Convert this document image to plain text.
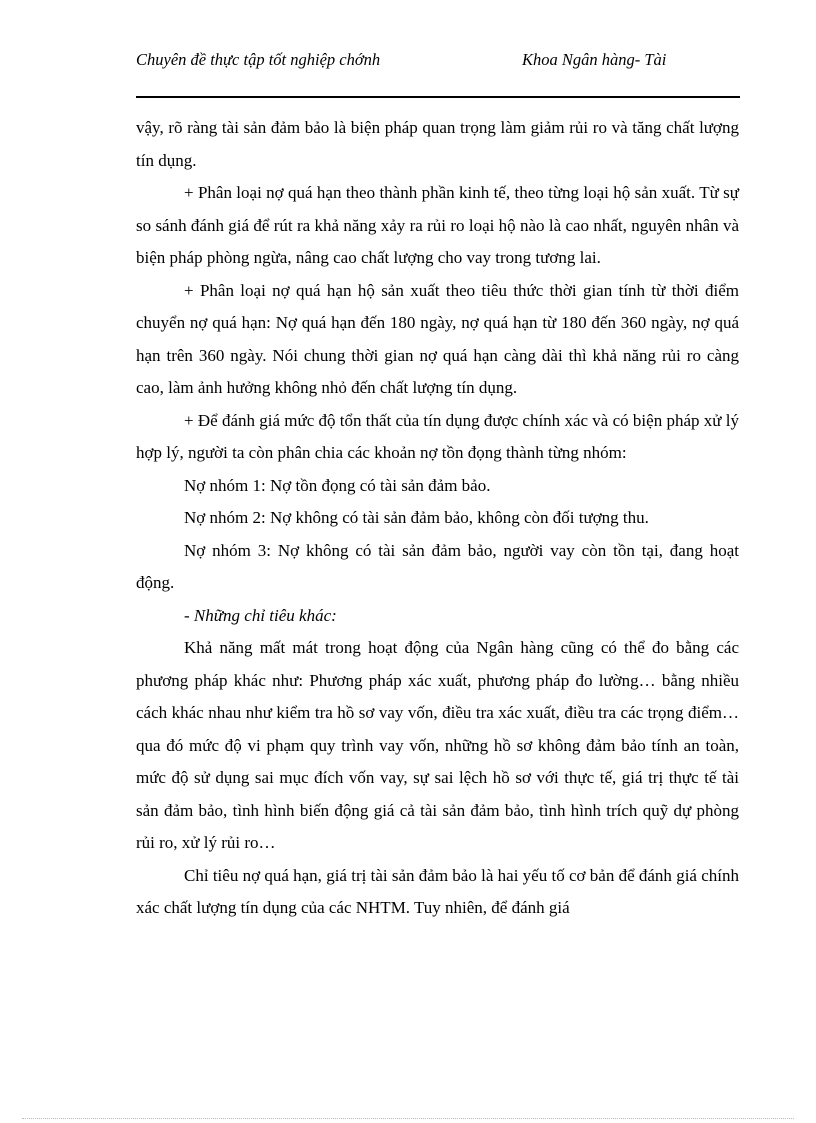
Chuyên đề thực tập tốt nghiệp chớnh	Khoa Ngân hàng- Tài

vậy, rõ ràng tài sản đảm bảo là biện pháp quan trọng làm giảm rủi ro và tăng chất lượng tín dụng.

+ Phân loại nợ quá hạn theo thành phần kinh tế, theo từng loại hộ sản xuất. Từ sự so sánh đánh giá để rút ra khả năng xảy ra rủi ro loại hộ nào là cao nhất, nguyên nhân và biện pháp phòng ngừa, nâng cao chất lượng cho vay trong tương lai.

+ Phân loại nợ quá hạn hộ sản xuất theo tiêu thức thời gian tính từ thời điểm chuyển nợ quá hạn: Nợ quá hạn đến 180 ngày, nợ quá hạn từ 180 đến 360 ngày, nợ quá hạn trên 360 ngày. Nói chung thời gian nợ quá hạn càng dài thì khả năng rủi ro càng cao, làm ảnh hưởng không nhỏ đến chất lượng tín dụng.

+ Để đánh giá mức độ tổn thất của tín dụng được chính xác và có biện pháp xử lý hợp lý, người ta còn phân chia các khoản nợ tồn đọng thành từng nhóm:

Nợ nhóm 1: Nợ tồn đọng có tài sản đảm bảo.

Nợ nhóm 2: Nợ không có tài sản đảm bảo, không còn đối tượng thu.

Nợ nhóm 3: Nợ không có tài sản đảm bảo, người vay còn tồn tại, đang hoạt động.

- Những chỉ tiêu khác:

Khả năng mất mát trong hoạt động của Ngân hàng cũng có thể đo bằng các phương pháp khác như: Phương pháp xác xuất, phương pháp đo lường… bằng nhiều cách khác nhau như kiểm tra hồ sơ vay vốn, điều tra xác xuất, điều tra các trọng điểm… qua đó mức độ vi phạm quy trình vay vốn, những hồ sơ không đảm bảo tính an toàn, mức độ sử dụng sai mục đích vốn vay, sự sai lệch hồ sơ với thực tế, giá trị thực tế tài sản đảm bảo, tình hình biến động giá cả tài sản đảm bảo, tình hình trích quỹ dự phòng rủi ro, xử lý rủi ro…

Chỉ tiêu nợ quá hạn, giá trị tài sản đảm bảo là hai yếu tố cơ bản để đánh giá chính xác chất lượng tín dụng của các NHTM. Tuy nhiên, để đánh giá
